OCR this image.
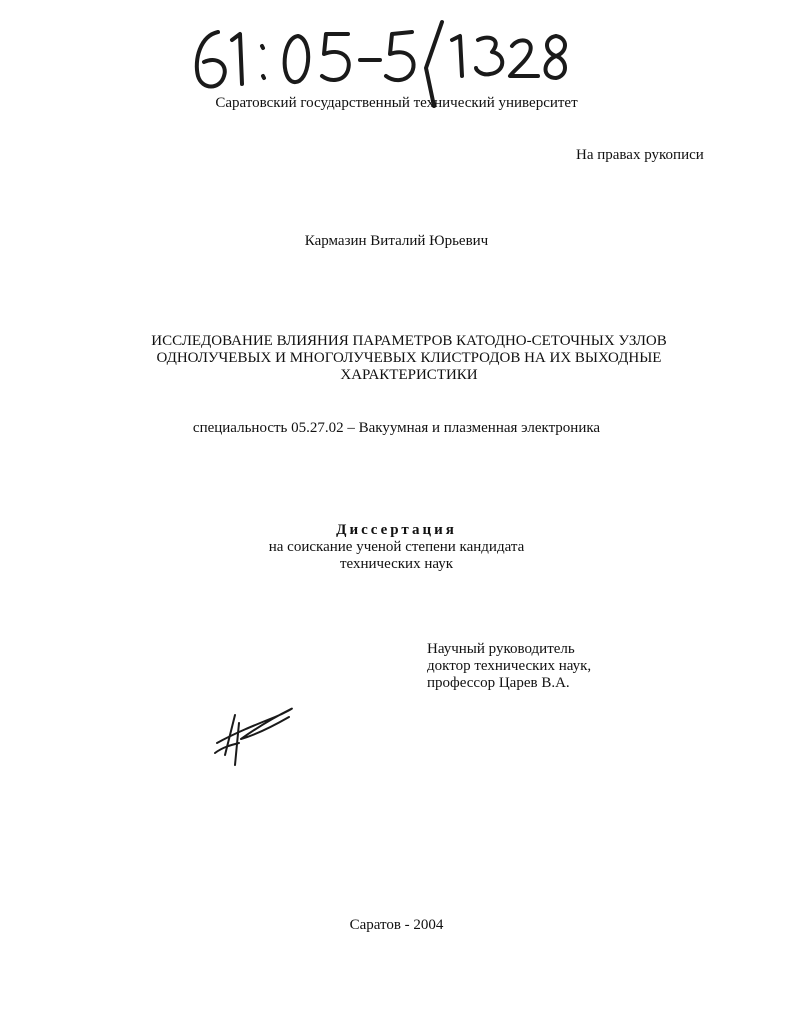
Саратовский государственный технический университет
На правах рукописи
Кармазин Виталий Юрьевич
ИССЛЕДОВАНИЕ ВЛИЯНИЯ ПАРАМЕТРОВ КАТОДНО-СЕТОЧНЫХ УЗЛОВ
ОДНОЛУЧЕВЫХ И МНОГОЛУЧЕВЫХ КЛИСТРОДОВ НА ИХ ВЫХОДНЫЕ
ХАРАКТЕРИСТИКИ
специальность 05.27.02 – Вакуумная и плазменная электроника
Диссертация
на соискание ученой степени кандидата
технических наук
Научный руководитель
доктор технических наук,
профессор Царев В.А.
Саратов - 2004
